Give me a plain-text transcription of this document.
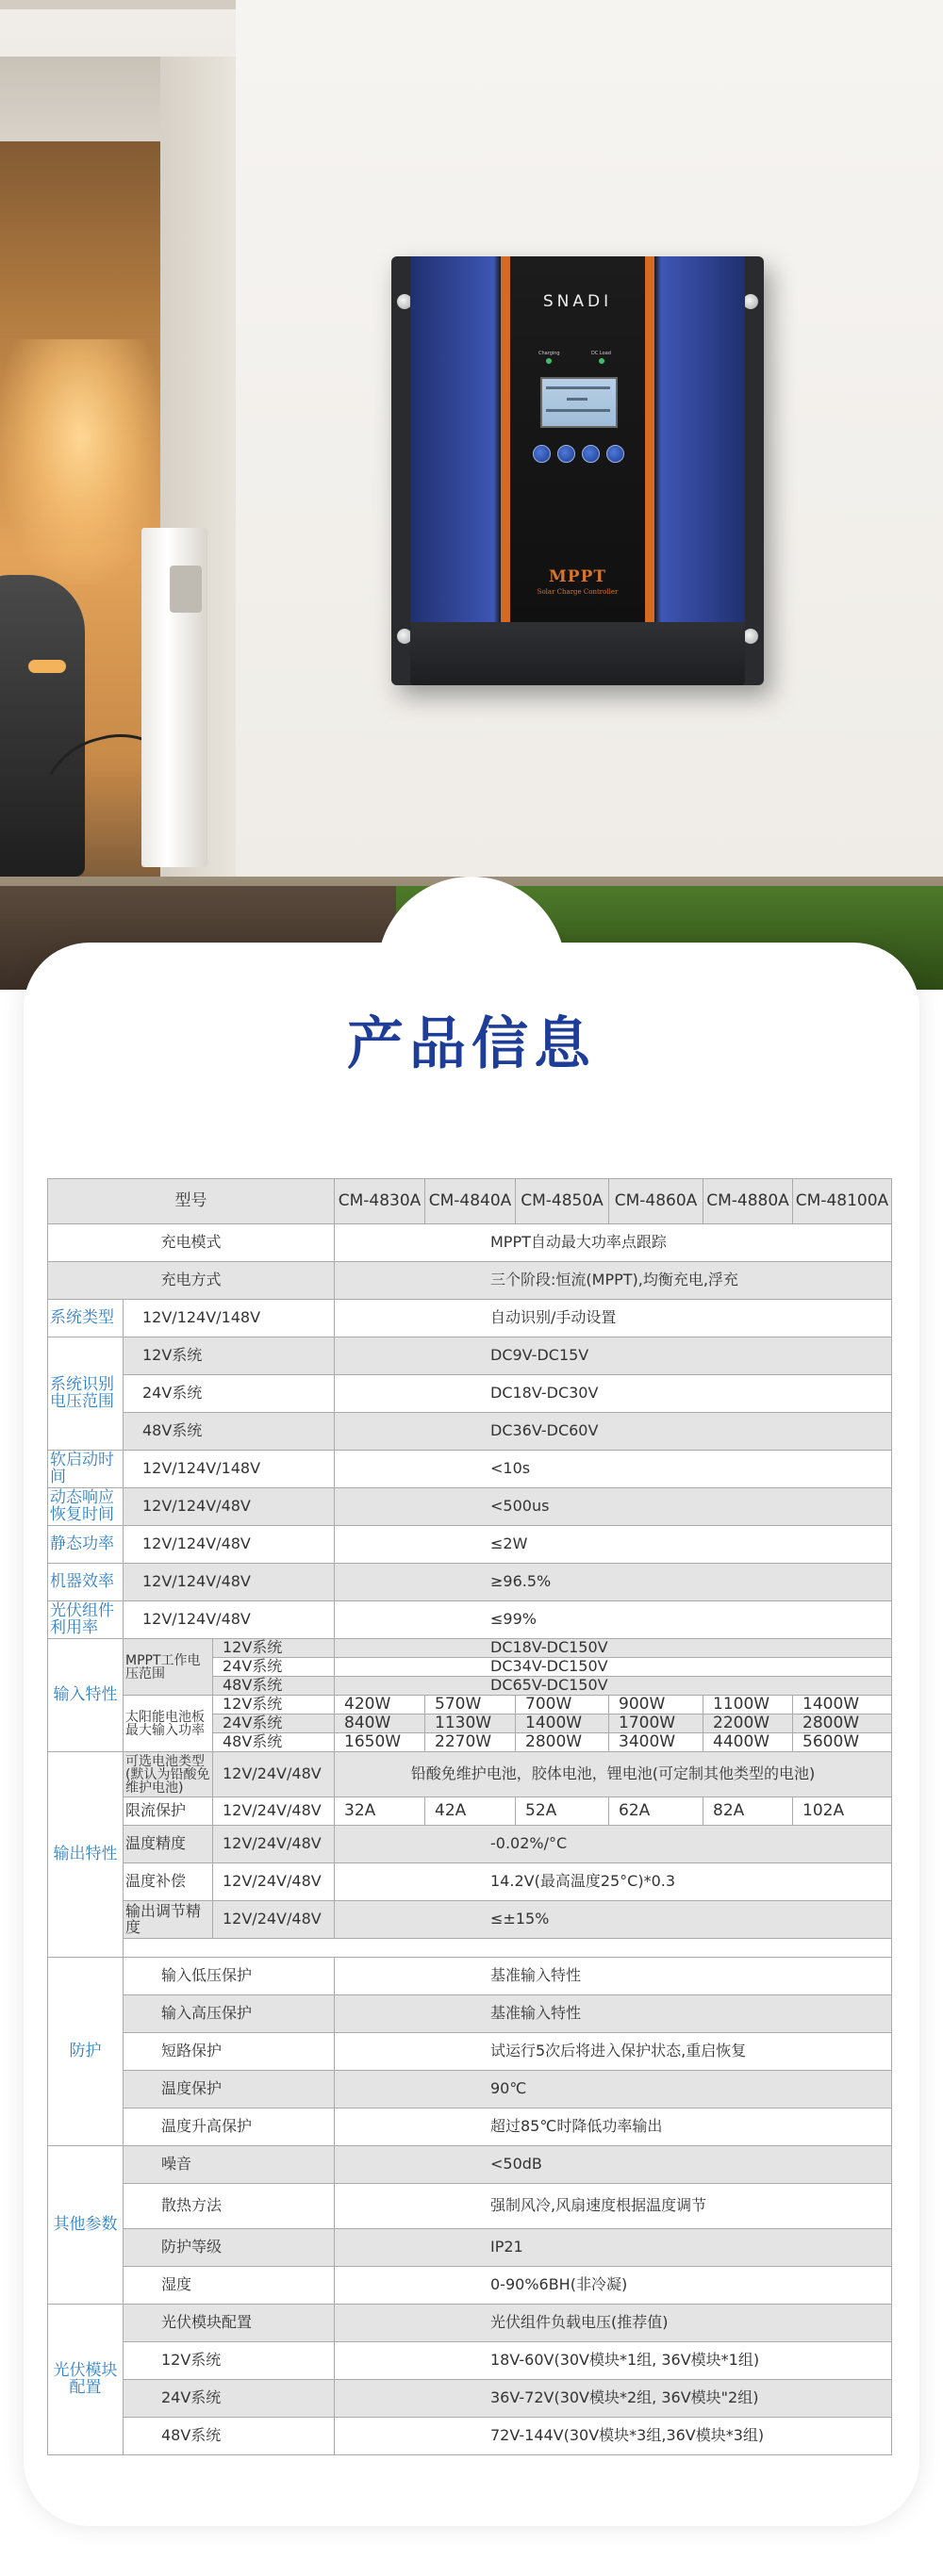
SNADI
Charging	DC Load
MPPT
Solar Charge Controller
产品信息
型号			CM-4830A	CM-4840A	CM-4850A	CM-4860A	CM-4880A	CM-48100A
充电模式			MPPT自动最大功率点跟踪					
充电方式			三个阶段:恒流(MPPT),均衡充电,浮充					
系统类型	12V/124V/148V		自动识别/手动设置					
系统识别电压范围	12V系统		DC9V-DC15V					
	24V系统		DC18V-DC30V					
	48V系统		DC36V-DC60V					
软启动时间	12V/124V/148V		<10s					
动态响应恢复时间	12V/124V/48V		<500us					
静态功率	12V/124V/48V		≤2W					
机器效率	12V/124V/48V		≥96.5%					
光伏组件利用率	12V/124V/48V		≤99%					
输入特性	MPPT工作电压范围	12V系统	DC18V-DC150V					
		24V系统	DC34V-DC150V					
		48V系统	DC65V-DC150V					
	太阳能电池板最大输入功率	12V系统	420W	570W	700W	900W	1100W	1400W
		24V系统	840W	1130W	1400W	1700W	2200W	2800W
		48V系统	1650W	2270W	2800W	3400W	4400W	5600W
输出特性	可选电池类型(默认为铅酸免维护电池)	12V/24V/48V	铅酸免维护电池，胶体电池，锂电池(可定制其他类型的电池)					
	限流保护	12V/24V/48V	32A	42A	52A	62A	82A	102A
	温度精度	12V/24V/48V	-0.02%/°C					
	温度补偿	12V/24V/48V	14.2V(最高温度25°C)*0.3					
	输出调节精度	12V/24V/48V	≤±15%					

防护	输入低压保护		基准输入特性					
	输入高压保护		基准输入特性					
	短路保护		试运行5次后将进入保护状态,重启恢复					
	温度保护		90℃					
	温度升高保护		超过85℃时降低功率输出					
其他参数	噪音		<50dB					
	散热方法		强制风冷,风扇速度根据温度调节					
	防护等级		IP21					
	湿度		0-90%6BH(非冷凝)					
光伏模块配置	光伏模块配置		光伏组件负载电压(推荐值)					
	12V系统		18V-60V(30V模块*1组, 36V模块*1组)					
	24V系统		36V-72V(30V模块*2组, 36V模块"2组)					
	48V系统		72V-144V(30V模块*3组,36V模块*3组)					
